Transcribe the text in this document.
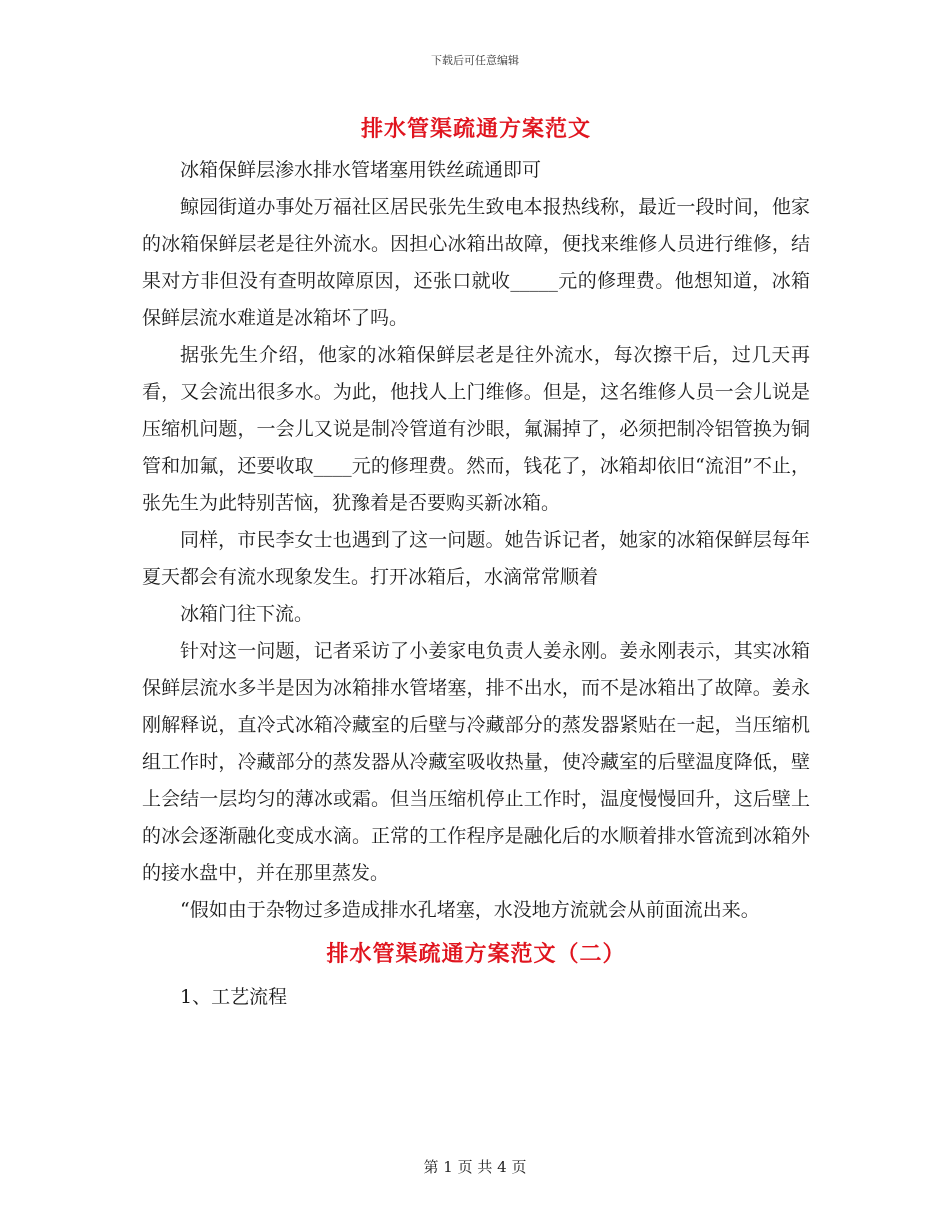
下载后可任意编辑
排水管渠疏通方案范文

冰箱保鲜层渗水排水管堵塞用铁丝疏通即可

鲸园街道办事处万福社区居民张先生致电本报热线称，最近一段时间，他家的冰箱保鲜层老是往外流水。因担心冰箱出故障，便找来维修人员进行维修，结果对方非但没有查明故障原因，还张口就收_____元的修理费。他想知道，冰箱保鲜层流水难道是冰箱坏了吗。

据张先生介绍，他家的冰箱保鲜层老是往外流水，每次擦干后，过几天再看，又会流出很多水。为此，他找人上门维修。但是，这名维修人员一会儿说是压缩机问题，一会儿又说是制冷管道有沙眼，氟漏掉了，必须把制冷铝管换为铜管和加氟，还要收取____元的修理费。然而，钱花了，冰箱却依旧“流泪”不止，张先生为此特别苦恼，犹豫着是否要购买新冰箱。

同样，市民李女士也遇到了这一问题。她告诉记者，她家的冰箱保鲜层每年夏天都会有流水现象发生。打开冰箱后，水滴常常顺着

冰箱门往下流。

针对这一问题，记者采访了小姜家电负责人姜永刚。姜永刚表示，其实冰箱保鲜层流水多半是因为冰箱排水管堵塞，排不出水，而不是冰箱出了故障。姜永刚解释说，直冷式冰箱冷藏室的后壁与冷藏部分的蒸发器紧贴在一起，当压缩机组工作时，冷藏部分的蒸发器从冷藏室吸收热量，使冷藏室的后壁温度降低，壁上会结一层均匀的薄冰或霜。但当压缩机停止工作时，温度慢慢回升，这后壁上的冰会逐渐融化变成水滴。正常的工作程序是融化后的水顺着排水管流到冰箱外的接水盘中，并在那里蒸发。

“假如由于杂物过多造成排水孔堵塞，水没地方流就会从前面流出来。

排水管渠疏通方案范文（二）

1、工艺流程

第 1 页 共 4 页
